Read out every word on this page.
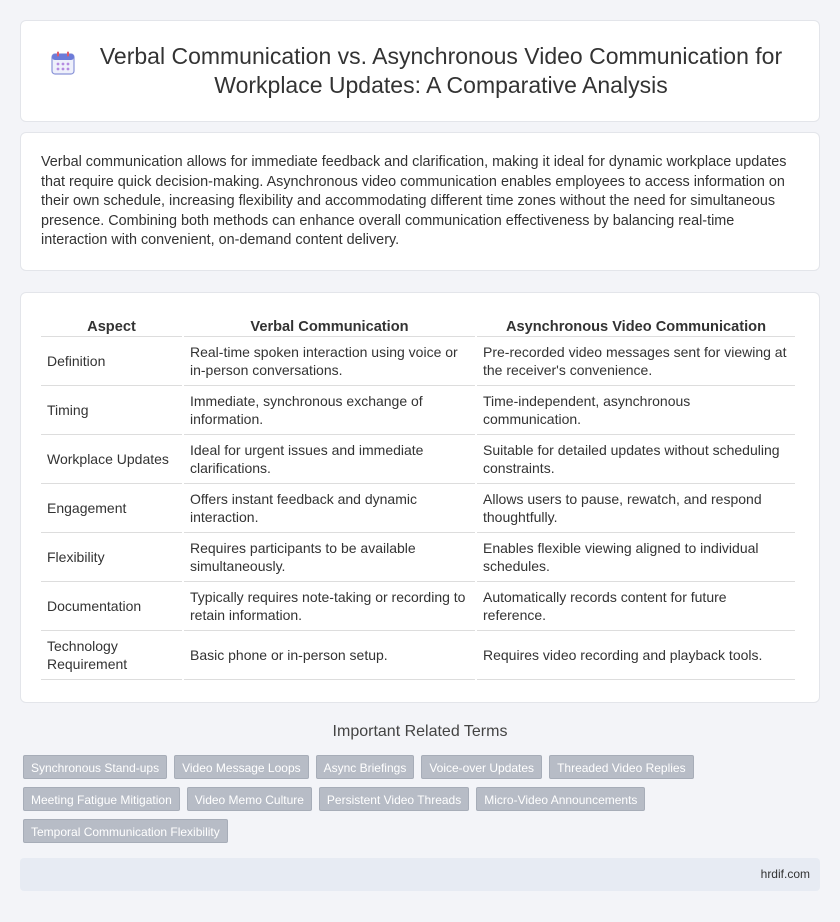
Verbal Communication vs. Asynchronous Video Communication for Workplace Updates: A Comparative Analysis

Verbal communication allows for immediate feedback and clarification, making it ideal for dynamic workplace updates that require quick decision-making. Asynchronous video communication enables employees to access information on their own schedule, increasing flexibility and accommodating different time zones without the need for simultaneous presence. Combining both methods can enhance overall communication effectiveness by balancing real-time interaction with convenient, on-demand content delivery.

Aspect	Verbal Communication	Asynchronous Video Communication
Definition	Real-time spoken interaction using voice or in-person conversations.	Pre-recorded video messages sent for viewing at the receiver's convenience.
Timing	Immediate, synchronous exchange of information.	Time-independent, asynchronous communication.
Workplace Updates	Ideal for urgent issues and immediate clarifications.	Suitable for detailed updates without scheduling constraints.
Engagement	Offers instant feedback and dynamic interaction.	Allows users to pause, rewatch, and respond thoughtfully.
Flexibility	Requires participants to be available simultaneously.	Enables flexible viewing aligned to individual schedules.
Documentation	Typically requires note-taking or recording to retain information.	Automatically records content for future reference.
Technology Requirement	Basic phone or in-person setup.	Requires video recording and playback tools.
Important Related Terms
Synchronous Stand-ups	Video Message Loops	Async Briefings	Voice-over Updates	Threaded Video Replies
Meeting Fatigue Mitigation	Video Memo Culture	Persistent Video Threads	Micro-Video Announcements
Temporal Communication Flexibility
hrdif.com
